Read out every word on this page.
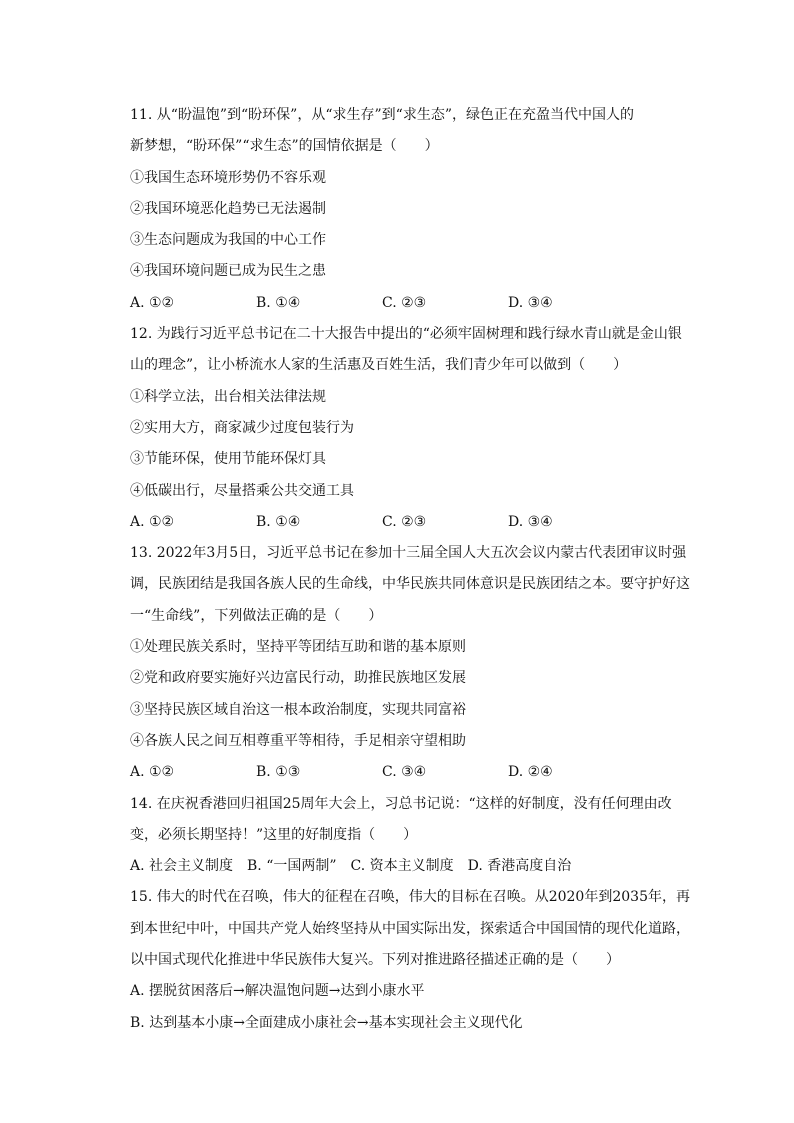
11. 从“盼温饱”到“盼环保”，从“求生存”到“求生态”，绿色正在充盈当代中国人的
新梦想，“盼环保”“求生态”的国情依据是（　　）
①我国生态环境形势仍不容乐观
②我国环境恶化趋势已无法遏制
③生态问题成为我国的中心工作
④我国环境问题已成为民生之患
A. ①②	B. ①④	C. ②③	D. ③④
12. 为践行习近平总书记在二十大报告中提出的“必须牢固树理和践行绿水青山就是金山银
山的理念”，让小桥流水人家的生活惠及百姓生活，我们青少年可以做到（　　）
①科学立法，出台相关法律法规
②实用大方，商家减少过度包装行为
③节能环保，使用节能环保灯具
④低碳出行，尽量搭乘公共交通工具
A. ①②	B. ①④	C. ②③	D. ③④
13. 2022年3月5日，习近平总书记在参加十三届全国人大五次会议内蒙古代表团审议时强
调，民族团结是我国各族人民的生命线，中华民族共同体意识是民族团结之本。要守护好这
一“生命线”，下列做法正确的是（　　）
①处理民族关系时，坚持平等团结互助和谐的基本原则
②党和政府要实施好兴边富民行动，助推民族地区发展
③坚持民族区域自治这一根本政治制度，实现共同富裕
④各族人民之间互相尊重平等相待，手足相亲守望相助
A. ①②	B. ①③	C. ③④	D. ②④
14. 在庆祝香港回归祖国25周年大会上，习总书记说：“这样的好制度，没有任何理由改
变，必须长期坚持！”这里的好制度指（　　）
A. 社会主义制度  B. “一国两制”  C. 资本主义制度  D. 香港高度自治
15. 伟大的时代在召唤，伟大的征程在召唤，伟大的目标在召唤。从2020年到2035年，再
到本世纪中叶，中国共产党人始终坚持从中国实际出发，探索适合中国国情的现代化道路，
以中国式现代化推进中华民族伟大复兴。下列对推进路径描述正确的是（　　）
A. 摆脱贫困落后→解决温饱问题→达到小康水平
B. 达到基本小康→全面建成小康社会→基本实现社会主义现代化
